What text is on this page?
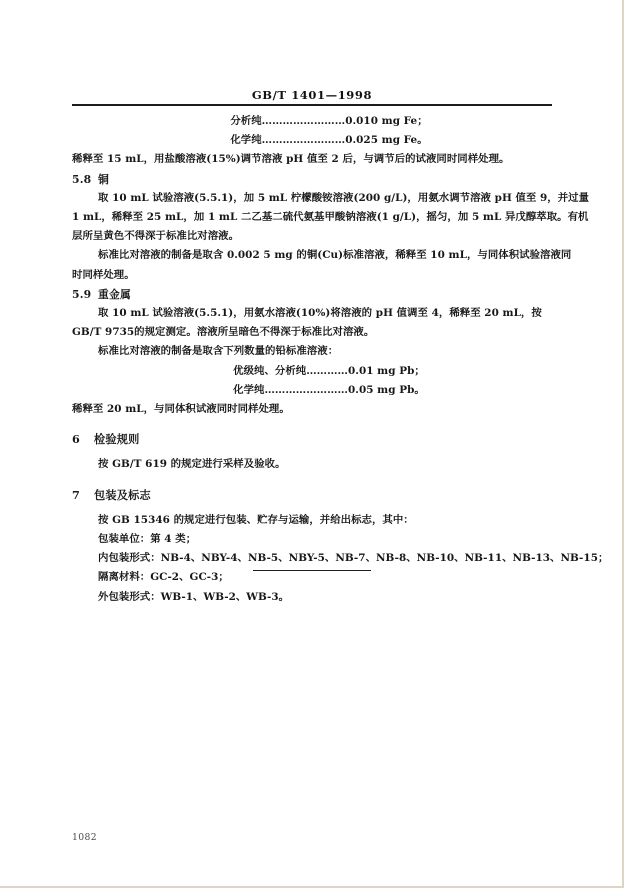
GB/T 1401—1998
分析纯……………………0.010 mg Fe；
化学纯……………………0.025 mg Fe。
稀释至 15 mL，用盐酸溶液(15%)调节溶液 pH 值至 2 后，与调节后的试液同时同样处理。
5.8 铜
取 10 mL 试验溶液(5.5.1)，加 5 mL 柠檬酸铵溶液(200 g/L)，用氨水调节溶液 pH 值至 9，并过量
1 mL，稀释至 25 mL，加 1 mL 二乙基二硫代氨基甲酸钠溶液(1 g/L)，摇匀，加 5 mL 异戊醇萃取。有机
层所呈黄色不得深于标准比对溶液。
标准比对溶液的制备是取含 0.002 5 mg 的铜(Cu)标准溶液，稀释至 10 mL，与同体积试验溶液同
时同样处理。
5.9 重金属
取 10 mL 试验溶液(5.5.1)，用氨水溶液(10%)将溶液的 pH 值调至 4，稀释至 20 mL，按
GB/T 9735的规定测定。溶液所呈暗色不得深于标准比对溶液。
标准比对溶液的制备是取含下列数量的铅标准溶液：
优级纯、分析纯…………0.01 mg Pb；
化学纯……………………0.05 mg Pb。
稀释至 20 mL，与同体积试液同时同样处理。
6 检验规则
按 GB/T 619 的规定进行采样及验收。
7 包装及标志
按 GB 15346 的规定进行包装、贮存与运输，并给出标志，其中：
包装单位：第 4 类；
内包装形式：NB-4、NBY-4、NB-5、NBY-5、NB-7、NB-8、NB-10、NB-11、NB-13、NB-15；
隔离材料：GC-2、GC-3；
外包装形式：WB-1、WB-2、WB-3。
1082
